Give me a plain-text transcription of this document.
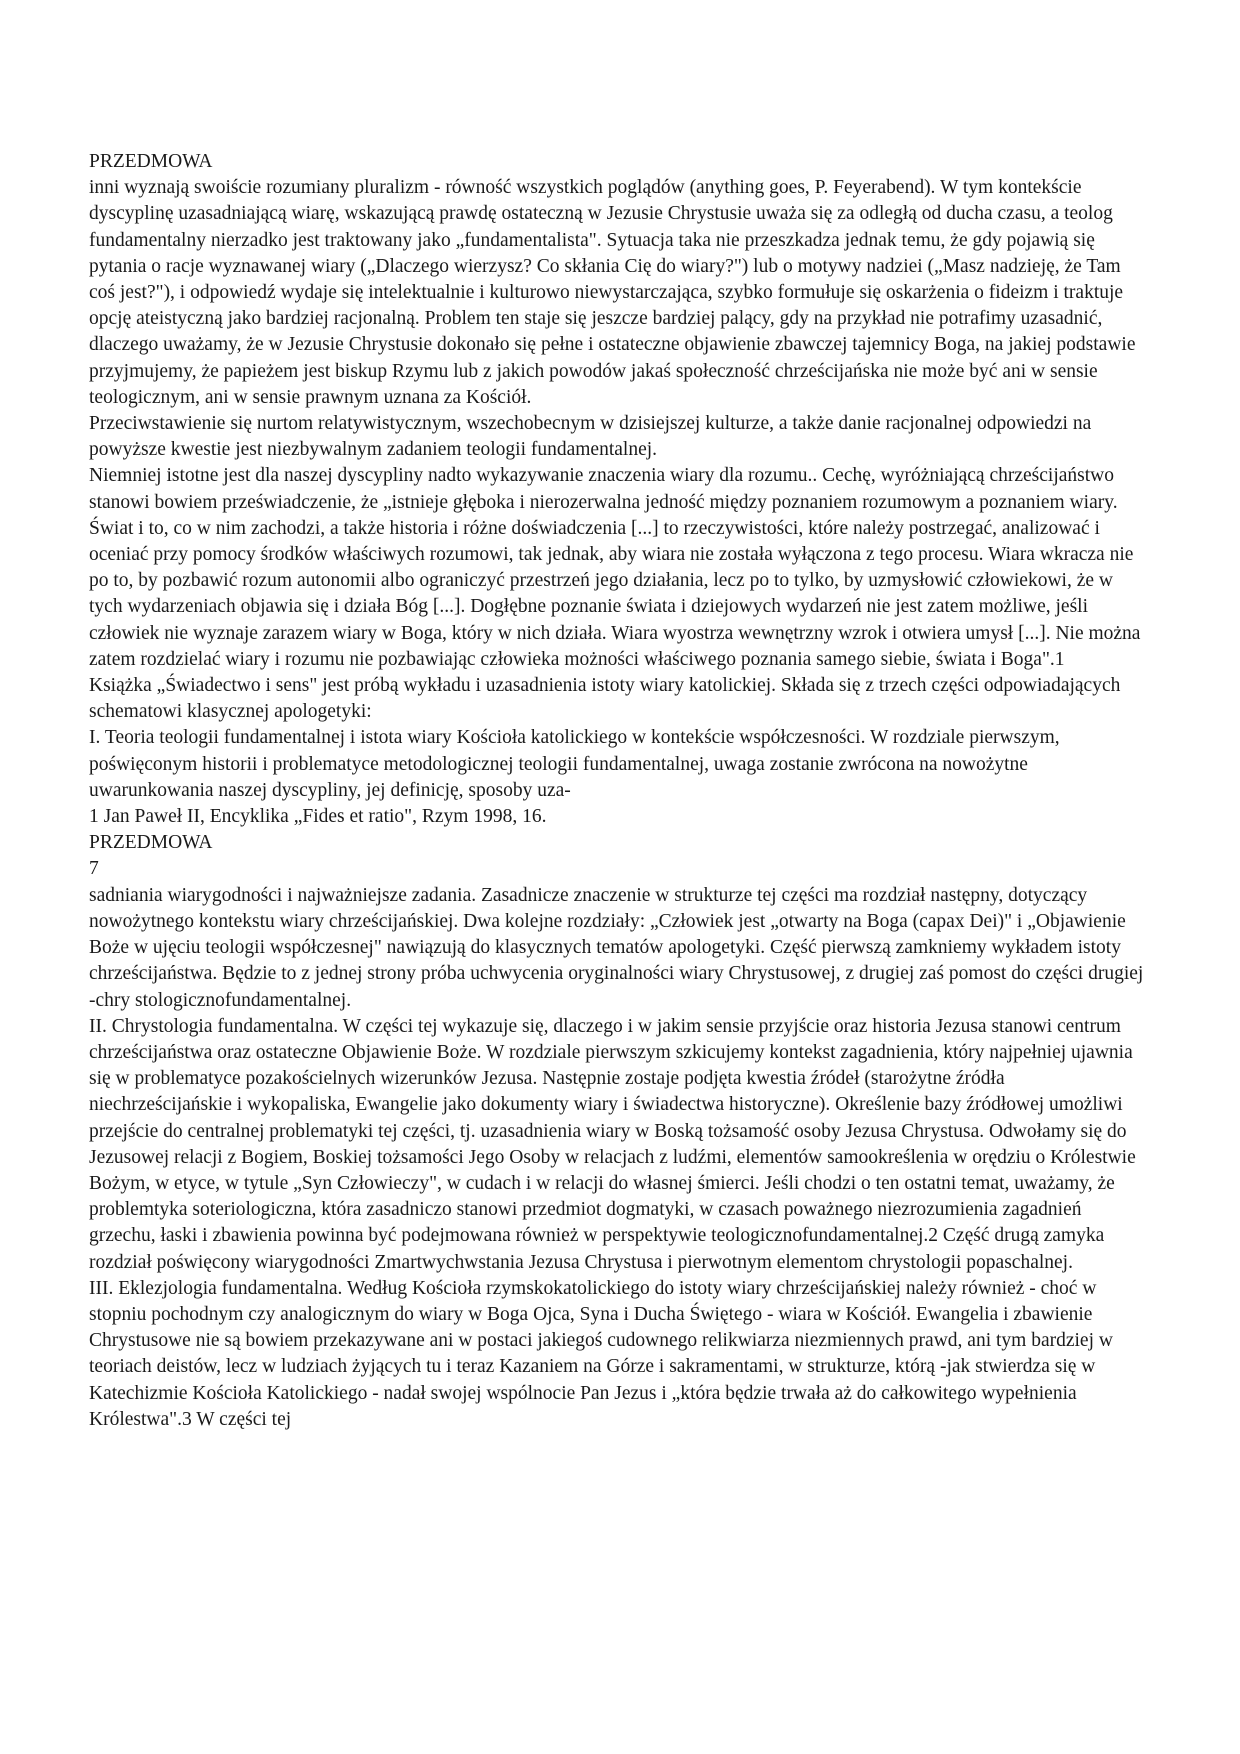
PRZEDMOWA

inni wyznają swoiście rozumiany pluralizm - równość wszystkich poglądów (anything goes, P. Feyerabend). W tym kontekście dyscyplinę uzasadniającą wiarę, wskazującą prawdę ostateczną w Jezusie Chrystusie uważa się za odległą od ducha czasu, a teolog fundamentalny nierzadko jest traktowany jako „fundamentalista". Sytuacja taka nie przeszkadza jednak temu, że gdy pojawią się pytania o racje wyznawanej wiary („Dlaczego wierzysz? Co skłania Cię do wiary?") lub o motywy nadziei („Masz nadzieję, że Tam coś jest?"), i odpowiedź wydaje się intelektualnie i kulturowo niewystarczająca, szybko formułuje się oskarżenia o fideizm i traktuje opcję ateistyczną jako bardziej racjonalną. Problem ten staje się jeszcze bardziej palący, gdy na przykład nie potrafimy uzasadnić, dlaczego uważamy, że w Jezusie Chrystusie dokonało się pełne i ostateczne objawienie zbawczej tajemnicy Boga, na jakiej podstawie przyjmujemy, że papieżem jest biskup Rzymu lub z jakich powodów jakaś społeczność chrześcijańska nie może być ani w sensie teologicznym, ani w sensie prawnym uznana za Kościół.

Przeciwstawienie się nurtom relatywistycznym, wszechobecnym w dzisiejszej kulturze, a także danie racjonalnej odpowiedzi na powyższe kwestie jest niezbywalnym zadaniem teologii fundamentalnej.

Niemniej istotne jest dla naszej dyscypliny nadto wykazywanie znaczenia wiary dla rozumu.. Cechę, wyróżniającą chrześcijaństwo stanowi bowiem przeświadczenie, że „istnieje głęboka i nierozerwalna jedność między poznaniem rozumowym a poznaniem wiary. Świat i to, co w nim zachodzi, a także historia i różne doświadczenia [...] to rzeczywistości, które należy postrzegać, analizować i oceniać przy pomocy środków właściwych rozumowi, tak jednak, aby wiara nie została wyłączona z tego procesu. Wiara wkracza nie po to, by pozbawić rozum autonomii albo ograniczyć przestrzeń jego działania, lecz po to tylko, by uzmysłowić człowiekowi, że w tych wydarzeniach objawia się i działa Bóg [...]. Dogłębne poznanie świata i dziejowych wydarzeń nie jest zatem możliwe, jeśli człowiek nie wyznaje zarazem wiary w Boga, który w nich działa. Wiara wyostrza wewnętrzny wzrok i otwiera umysł [...]. Nie można zatem rozdzielać wiary i rozumu nie pozbawiając człowieka możności właściwego poznania samego siebie, świata i Boga".1

Książka „Świadectwo i sens" jest próbą wykładu i uzasadnienia istoty wiary katolickiej. Składa się z trzech części odpowiadających schematowi klasycznej apologetyki:

I. Teoria teologii fundamentalnej i istota wiary Kościoła katolickiego w kontekście współczesności. W rozdziale pierwszym, poświęconym historii i problematyce metodologicznej teologii fundamentalnej, uwaga zostanie zwrócona na nowożytne uwarunkowania naszej dyscypliny, jej definicję, sposoby uza-

1 Jan Paweł II, Encyklika „Fides et ratio", Rzym 1998, 16.

PRZEDMOWA

7

sadniania wiarygodności i najważniejsze zadania. Zasadnicze znaczenie w strukturze tej części ma rozdział następny, dotyczący nowożytnego kontekstu wiary chrześcijańskiej. Dwa kolejne rozdziały: „Człowiek jest „otwarty na Boga (capax Dei)" i „Objawienie Boże w ujęciu teologii współczesnej" nawiązują do klasycznych tematów apologetyki. Część pierwszą zamkniemy wykładem istoty chrześcijaństwa. Będzie to z jednej strony próba uchwycenia oryginalności wiary Chrystusowej, z drugiej zaś pomost do części drugiej -chry stologicznofundamentalnej.

II. Chrystologia fundamentalna. W części tej wykazuje się, dlaczego i w jakim sensie przyjście oraz historia Jezusa stanowi centrum chrześcijaństwa oraz ostateczne Objawienie Boże. W rozdziale pierwszym szkicujemy kontekst zagadnienia, który najpełniej ujawnia się w problematyce pozakościelnych wizerunków Jezusa. Następnie zostaje podjęta kwestia źródeł (starożytne źródła niechrześcijańskie i wykopaliska, Ewangelie jako dokumenty wiary i świadectwa historyczne). Określenie bazy źródłowej umożliwi przejście do centralnej problematyki tej części, tj. uzasadnienia wiary w Boską tożsamość osoby Jezusa Chrystusa. Odwołamy się do Jezusowej relacji z Bogiem, Boskiej tożsamości Jego Osoby w relacjach z ludźmi, elementów samookreślenia w orędziu o Królestwie Bożym, w etyce, w tytule „Syn Człowieczy", w cudach i w relacji do własnej śmierci. Jeśli chodzi o ten ostatni temat, uważamy, że problemtyka soteriologiczna, która zasadniczo stanowi przedmiot dogmatyki, w czasach poważnego niezrozumienia zagadnień grzechu, łaski i zbawienia powinna być podejmowana również w perspektywie teologicznofundamentalnej.2 Część drugą zamyka rozdział poświęcony wiarygodności Zmartwychwstania Jezusa Chrystusa i pierwotnym elementom chrystologii popaschalnej.

III. Eklezjologia fundamentalna. Według Kościoła rzymskokatolickiego do istoty wiary chrześcijańskiej należy również - choć w stopniu pochodnym czy analogicznym do wiary w Boga Ojca, Syna i Ducha Świętego - wiara w Kościół. Ewangelia i zbawienie Chrystusowe nie są bowiem przekazywane ani w postaci jakiegoś cudownego relikwiarza niezmiennych prawd, ani tym bardziej w teoriach deistów, lecz w ludziach żyjących tu i teraz Kazaniem na Górze i sakramentami, w strukturze, którą -jak stwierdza się w Katechizmie Kościoła Katolickiego - nadał swojej wspólnocie Pan Jezus i „która będzie trwała aż do całkowitego wypełnienia Królestwa".3 W części tej
